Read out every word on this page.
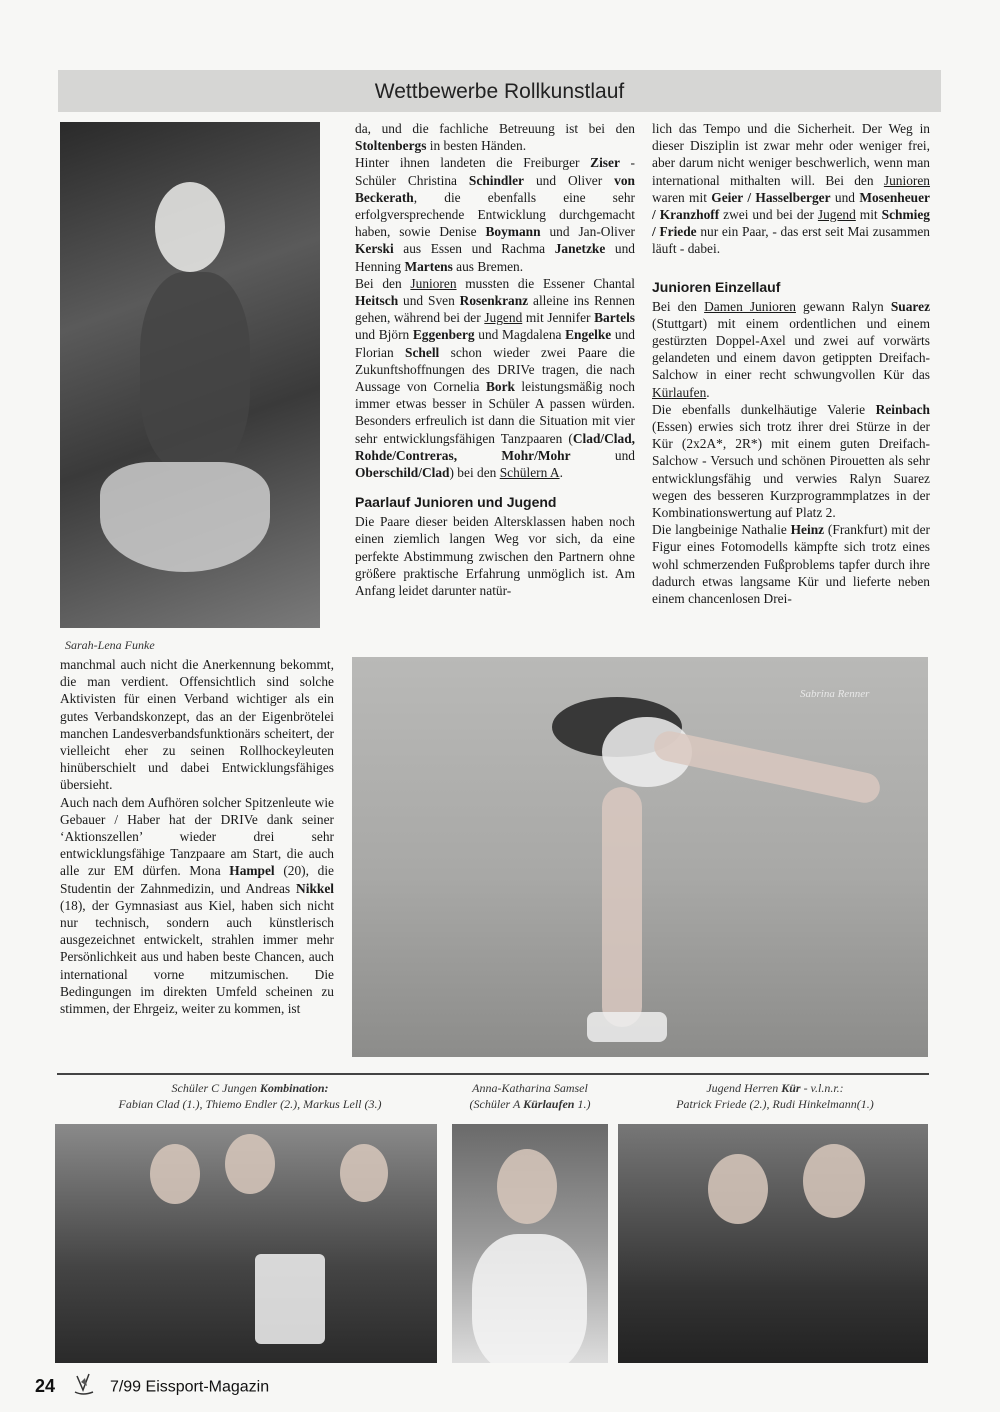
Wettbewerbe Rollkunstlauf
Sarah-Lena Funke

da, und die fachliche Betreuung ist bei den Stoltenbergs in besten Händen.

Hinter ihnen landeten die Freiburger Ziser - Schüler Christina Schindler und Oliver von Beckerath, die ebenfalls eine sehr erfolgversprechende Entwicklung durchgemacht haben, sowie Denise Boymann und Jan-Oliver Kerski aus Essen und Rachma Janetzke und Henning Martens aus Bremen.

Bei den Junioren mussten die Essener Chantal Heitsch und Sven Rosenkranz alleine ins Rennen gehen, während bei der Jugend mit Jennifer Bartels und Björn Eggenberg und Magdalena Engelke und Florian Schell schon wieder zwei Paare die Zukunftshoffnungen des DRIVe tragen, die nach Aussage von Cornelia Bork leistungsmäßig noch immer etwas besser in Schüler A passen würden. Besonders erfreulich ist dann die Situation mit vier sehr entwicklungsfähigen Tanzpaaren (Clad/Clad, Rohde/Contreras, Mohr/Mohr und Oberschild/Clad) bei den Schülern A.

Paarlauf Junioren und Jugend

Die Paare dieser beiden Altersklassen haben noch einen ziemlich langen Weg vor sich, da eine perfekte Abstimmung zwischen den Partnern ohne größere praktische Erfahrung unmöglich ist. Am Anfang leidet darunter natür-

lich das Tempo und die Sicherheit. Der Weg in dieser Disziplin ist zwar mehr oder weniger frei, aber darum nicht weniger beschwerlich, wenn man international mithalten will. Bei den Junioren waren mit Geier / Hasselberger und Mosenheuer / Kranzhoff zwei und bei der Jugend mit Schmieg / Friede nur ein Paar, - das erst seit Mai zusammen läuft - dabei.

Junioren Einzellauf

Bei den Damen Junioren gewann Ralyn Suarez (Stuttgart) mit einem ordentlichen und einem gestürzten Doppel-Axel und zwei auf vorwärts gelandeten und einem davon getippten Dreifach-Salchow in einer recht schwungvollen Kür das Kürlaufen.

Die ebenfalls dunkelhäutige Valerie Reinbach (Essen) erwies sich trotz ihrer drei Stürze in der Kür (2x2A*, 2R*) mit einem guten Dreifach-Salchow - Versuch und schönen Pirouetten als sehr entwicklungsfähig und verwies Ralyn Suarez wegen des besseren Kurzprogrammplatzes in der Kombinationswertung auf Platz 2.

Die langbeinige Nathalie Heinz (Frankfurt) mit der Figur eines Fotomodells kämpfte sich trotz eines wohl schmerzenden Fußproblems tapfer durch ihre dadurch etwas langsame Kür und lieferte neben einem chancenlosen Drei-

manchmal auch nicht die Anerkennung bekommt, die man verdient. Offensichtlich sind solche Aktivisten für einen Verband wichtiger als ein gutes Verbandskonzept, das an der Eigenbrötelei manchen Landesverbandsfunktionärs scheitert, der vielleicht eher zu seinen Rollhockeyleuten hinüberschielt und dabei Entwicklungsfähiges übersieht.

Auch nach dem Aufhören solcher Spitzenleute wie Gebauer / Haber hat der DRIVe dank seiner ‘Aktionszellen’ wieder drei sehr entwicklungsfähige Tanzpaare am Start, die auch alle zur EM dürfen. Mona Hampel (20), die Studentin der Zahnmedizin, und Andreas Nikkel (18), der Gymnasiast aus Kiel, haben sich nicht nur technisch, sondern auch künstlerisch ausgezeichnet entwickelt, strahlen immer mehr Persönlichkeit aus und haben beste Chancen, auch international vorne mitzumischen. Die Bedingungen im direkten Umfeld scheinen zu stimmen, der Ehrgeiz, weiter zu kommen, ist

Sabrina Renner
Schüler C Jungen Kombination:
Fabian Clad (1.), Thiemo Endler (2.), Markus Lell (3.)
Anna-Katharina Samsel
(Schüler A Kürlaufen 1.)
Jugend Herren Kür - v.l.n.r.:
Patrick Friede (2.), Rudi Hinkelmann(1.)
24	7/99 Eissport-Magazin
